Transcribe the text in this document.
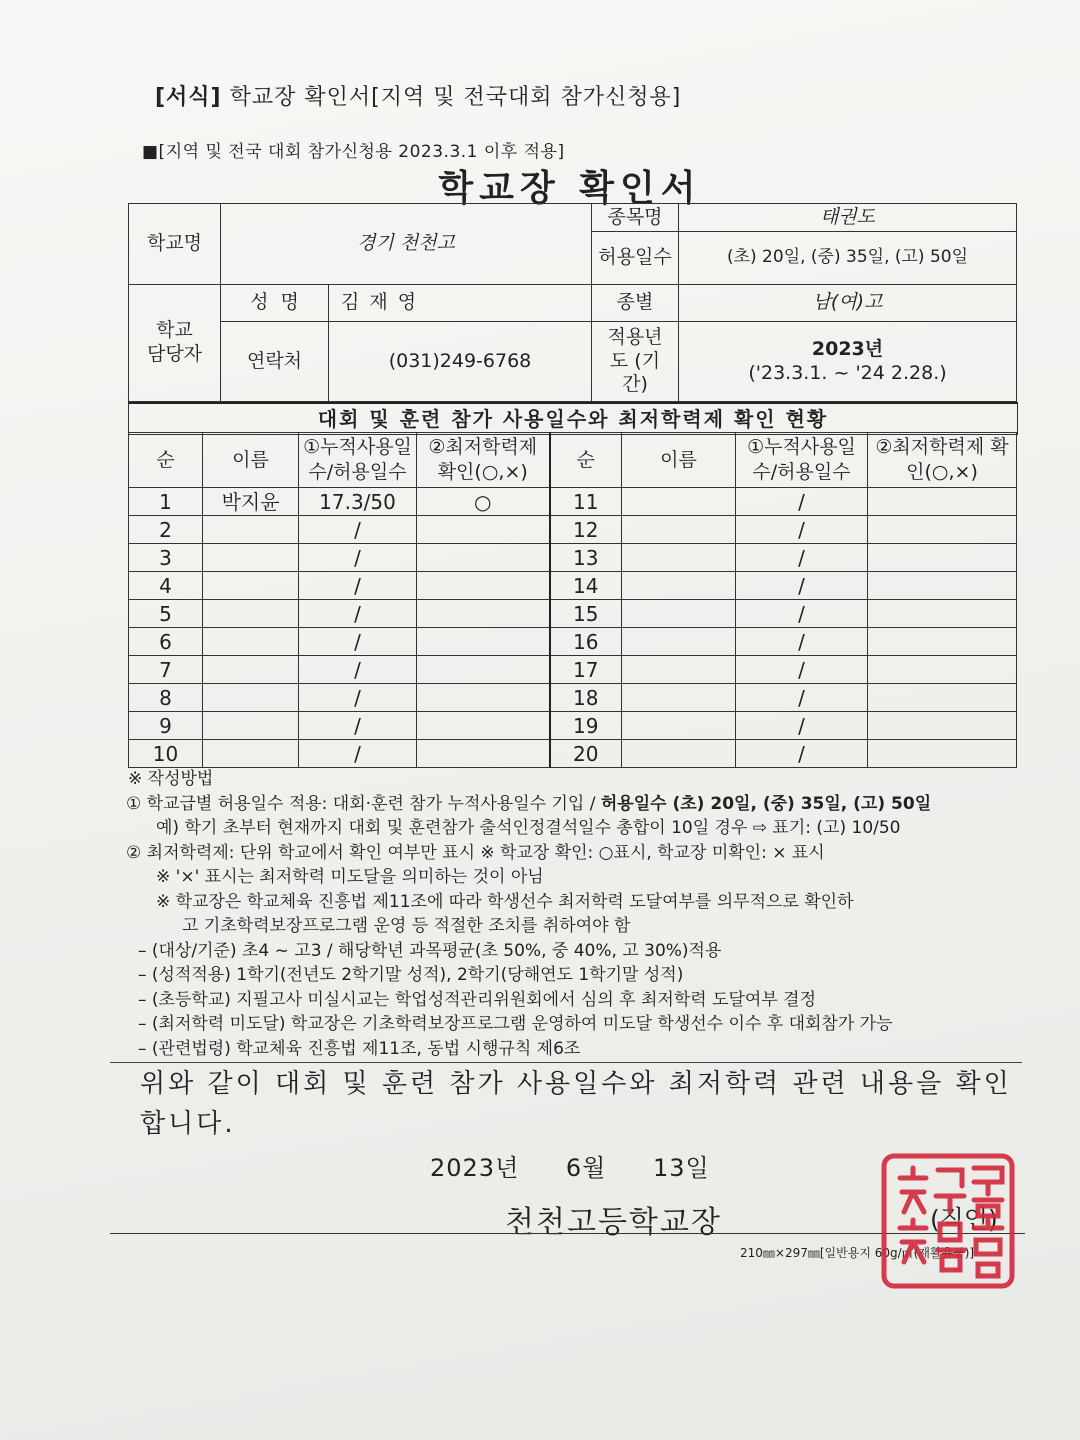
[서식] 학교장 확인서[지역 및 전국대회 참가신청용]
■[지역 및 전국 대회 참가신청용 2023.3.1 이후 적용]
학교장 확인서
학교명	경기 천천고		종목명	태권도
			허용일수	(초) 20일, (중) 35일, (고) 50일
학교 담당자	성  명	김 재 영	종별	남(여)고
	연락처	(031)249-6768	적용년도 (기간)	2023년
('23.3.1. ~ '24 2.28.)
대회 및 훈련 참가 사용일수와 최저학력제 확인 현황
순	이름	①누적사용일수/허용일수	②최저학력제 확인(○,×)	순	이름	①누적사용일수/허용일수	②최저학력제 확인(○,×)
1	박지윤	17.3/50	○	11		/	
2		/		12		/	
3		/		13		/	
4		/		14		/	
5		/		15		/	
6		/		16		/	
7		/		17		/	
8		/		18		/	
9		/		19		/	
10		/		20		/	
※ 작성방법
① 학교급별 허용일수 적용: 대회·훈련 참가 누적사용일수 기입 / 허용일수 (초) 20일, (중) 35일, (고) 50일
예) 학기 초부터 현재까지 대회 및 훈련참가 출석인정결석일수 총합이 10일 경우 ⇨ 표기: (고) 10/50
② 최저학력제: 단위 학교에서 확인 여부만 표시 ※ 학교장 확인: ○표시, 학교장 미확인: × 표시
※ '×' 표시는 최저학력 미도달을 의미하는 것이 아님
※ 학교장은 학교체육 진흥법 제11조에 따라 학생선수 최저학력 도달여부를 의무적으로 확인하
고 기초학력보장프로그램 운영 등 적절한 조치를 취하여야 함
– (대상/기준) 초4 ~ 고3 / 해당학년 과목평균(초 50%, 중 40%, 고 30%)적용
– (성적적용) 1학기(전년도 2학기말 성적), 2학기(당해연도 1학기말 성적)
– (초등학교) 지필고사 미실시교는 학업성적관리위원회에서 심의 후 최저학력 도달여부 결정
– (최저학력 미도달) 학교장은 기초학력보장프로그램 운영하여 미도달 학생선수 이수 후 대회참가 가능
– (관련법령) 학교체육 진흥법 제11조, 동법 시행규칙 제6조
위와 같이 대회 및 훈련 참가 사용일수와 최저학력 관련 내용을 확인합니다.
2023년 6월 13일
천천고등학교장	(직인)
210㎜×297㎜[일반용지 60g/㎡(재활용품)]
